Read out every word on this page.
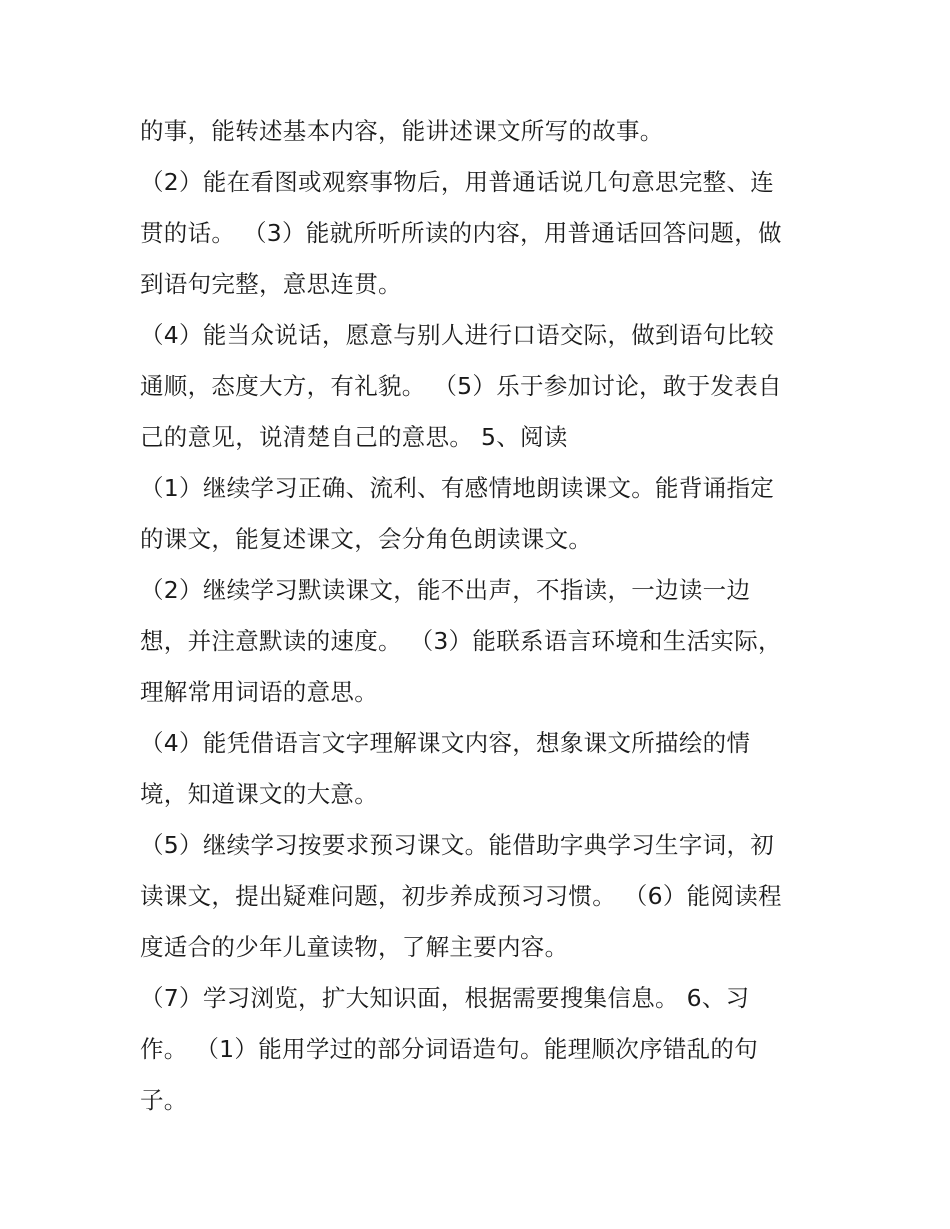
的事，能转述基本内容，能讲述课文所写的故事。
（2）能在看图或观察事物后，用普通话说几句意思完整、连
贯的话。 （3）能就所听所读的内容，用普通话回答问题，做
到语句完整，意思连贯。
（4）能当众说话，愿意与别人进行口语交际，做到语句比较
通顺，态度大方，有礼貌。 （5）乐于参加讨论，敢于发表自
己的意见，说清楚自己的意思。 5、阅读
（1）继续学习正确、流利、有感情地朗读课文。能背诵指定
的课文，能复述课文，会分角色朗读课文。
（2）继续学习默读课文，能不出声，不指读，一边读一边
想，并注意默读的速度。 （3）能联系语言环境和生活实际，
理解常用词语的意思。
（4）能凭借语言文字理解课文内容，想象课文所描绘的情
境，知道课文的大意。
（5）继续学习按要求预习课文。能借助字典学习生字词，初
读课文，提出疑难问题，初步养成预习习惯。 （6）能阅读程
度适合的少年儿童读物，了解主要内容。
（7）学习浏览，扩大知识面，根据需要搜集信息。 6、习
作。 （1）能用学过的部分词语造句。能理顺次序错乱的句
子。
